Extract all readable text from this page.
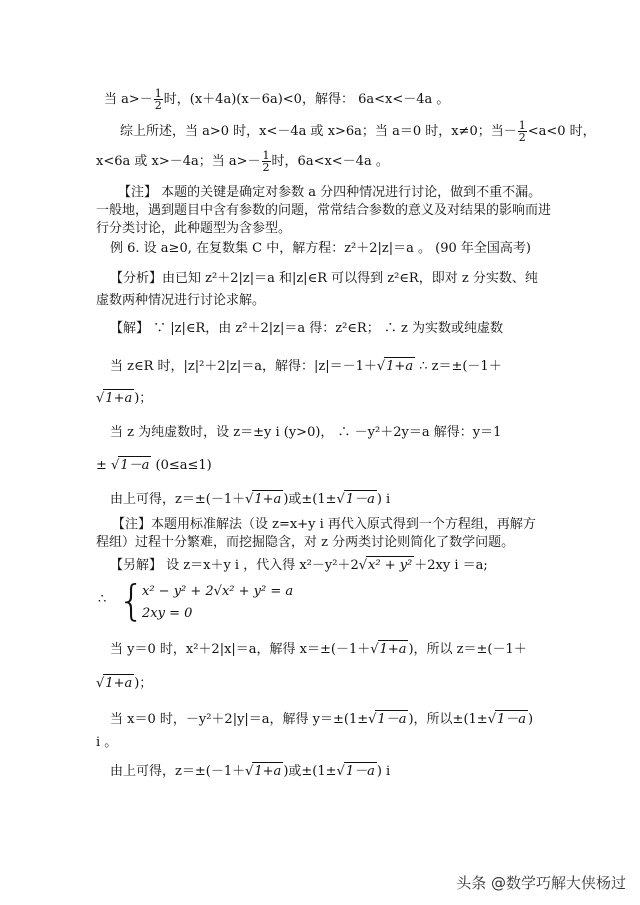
当 $a>- \frac{1}{2}$ 时，(x＋4a)(x－6a)<0，解得： 6a<x<－4a 。
综上所述，当 a>0 时，x<－4a 或 x>6a；当 a＝0 时，x≠0；当－ $\frac{1}{2} <a<0$ 时，
x<6a 或 x>－4a；当 $a>- \frac{1}{2}$ 时，6a<x<－4a 。
【注】 本题的关键是确定对参数 a 分四种情况进行讨论，做到不重不漏。
一般地，遇到题目中含有参数的问题，常常结合参数的意义及对结果的影响而进
行分类讨论，此种题型为含参型。
例 6. 设 a≥0, 在复数集 C 中，解方程：z²＋2|z|＝a 。 (90 年全国高考)
【分析】由已知 z²＋2|z|＝a 和|z|∈R 可以得到 z²∈R，即对 z 分实数、纯
虚数两种情况进行讨论求解。
【解】 ∵ |z|∈R，由 z²＋2|z|＝a 得：z²∈R； ∴ z 为实数或纯虚数
当 z∈R 时，|z|²＋2|z|＝a，解得：|z|＝－1＋√1+a ∴ z＝±(－1＋
√1+a )；
当 z 为纯虚数时，设 z＝±y i (y>0)， ∴ －y²＋2y＝a 解得：y＝1
± √1－a (0≤a≤1)
由上可得，z＝±(－1＋√1+a )或±(1±√1－a ) i
【注】本题用标准解法（设 z=x+y i 再代入原式得到一个方程组，再解方
程组）过程十分繁难，而挖掘隐含，对 z 分两类讨论则简化了数学问题。
【另解】 设 z＝x＋y i ，代入得 x²－y²＋2√x² + y² ＋2xy i ＝a;
∴ {
x² − y² + 2√x² + y² = a
2xy = 0
当 y＝0 时，x²＋2|x|＝a，解得 x＝±(－1＋√1+a )，所以 z＝±(－1＋
√1+a )；
当 x＝0 时，－y²＋2|y|＝a，解得 y＝±(1±√1－a )，所以±(1±√1－a )
i 。
由上可得，z＝±(－1＋√1+a )或±(1±√1－a ) i
头条 @数学巧解大侠杨过
